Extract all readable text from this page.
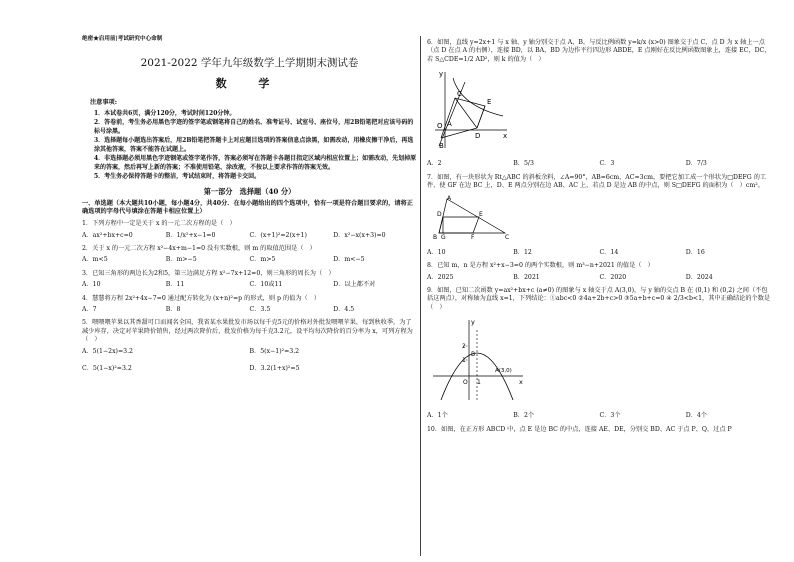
绝密★启用前|考试研究中心命制
2021-2022 学年九年级数学上学期期末测试卷
数 学
注意事项:
1．本试卷共6页，满分120分，考试时间120分钟。
2．答卷前，考生务必用黑色字迹的签字笔或钢笔将自己的姓名、准考证号、试室号、座位号，用2B铅笔把对应该号码的标号涂黑。
3．选择题每小题选出答案后，用2B铅笔把答题卡上对应题目选项的答案信息点涂黑，如需改动，用橡皮擦干净后，再选涂其他答案，答案不能答在试题上。
4．非选择题必须用黑色字迹钢笔或签字笔作答，答案必须写在答题卡各题目指定区域内相应位置上；如需改动，先划掉原来的答案，然后再写上新的答案；不准使用铅笔、涂改液，不按以上要求作答的答案无效。
5．考生务必保持答题卡的整洁，考试结束时，将答题卡交回。
第一部分　选择题（40 分）
一、单选题（本大题共10小题，每小题4分，共40分．在每小题给出的四个选项中，恰有一项是符合题目要求的，请将正确选项的字母代号填涂在答题卡相应位置上）
1．下列方程中一定是关于 x 的一元二次方程的是（　）
A．ax²+bx+c=0	B．1/x²+x−1=0	C．(x+1)²=2(x+1)	D．x²−x(x+3)=0
2．关于 x 的一元二次方程 x²−4x+m−1=0 没有实数根，则 m 的取值范围是（　）
A．m<5	B．m>−5	C．m>5	D．m<−5
3．已知三角形的两边长为2和5，第三边满足方程 x²−7x+12=0，则三角形的周长为（　）
A．10	B．11	C．10或11	D．以上都不对
4．慧慧将方程 2x²+4x−7=0 通过配方转化为 (x+n)²=p 的形式，则 p 的值为（　）
A．7	B．8	C．3.5	D．4.5
5．喂喂喂苹果以其香甜可口而闻名全国，我省某水果批发市场以每千克5元的价格对外批发喂喂苹果，每到秋收季，为了减少库存，决定对苹果降价销售，经过两次降价后，批发价格为每千克3.2元，设平均每次降价的百分率为 x，可列方程为（　）
A．5(1−2x)=3.2	B．5(x−1)²=3.2
C．5(1−x)²=3.2	D．3.2(1+x)²=5
6．如图，直线 y=2x+1 与 x 轴、y 轴分别交于点 A，B，与反比例函数 y=k/x (x>0) 图象交于点 C，点 D 为 x 轴上一点（点 D 在点 A 的右侧），连接 BD，以 BA，BD 为边作平行四边形 ABDE，E 点刚好在反比例函数图象上，连接 EC，DC，若 S△CDE=1/2 AD²，则 k 的值为（　）
y
C
E
A
O
D	x
B
A．2	B．5/3	C．3	D．7/3
7．如图，有一块形状为 Rt△ABC 的斜板余料，∠A=90°，AB=6cm，AC=3cm，要把它加工成一个形状为□DEFG 的工件，使 GF 在边 BC 上，D、E 两点分别在边 AB、AC 上，若点 D 是边 AB 的中点，则 S□DEFG 的面积为（　）cm²。
A
D	E
B G	F	C
A．10	B．12	C．14	D．16
8．已知 m，n 是方程 x²+x−3=0 的两个实数根，则 m³−n+2021 的值是（　）
A．2025	B．2021	C．2020	D．2024
9．如图，已知二次函数 y=ax²+bx+c (a≠0) 的图象与 x 轴交于点 A(3,0)，与 y 轴的交点 B 在 (0,1) 和 (0,2) 之间（不包括这两点），对称轴为直线 x=1，下列结论：①abc<0 ②4a+2b+c>0 ③5a+b+c=0 ④ 2/3<b<1，其中正确结论的个数是（　）
y
2
1
B
A(3,0)
O 1	x
A．1个	B．2个	C．3个	D．4个
10．如图，在正方形 ABCD 中，点 E 是边 BC 的中点，连接 AE、DE，分别交 BD、AC 于点 P、Q，过点 P
